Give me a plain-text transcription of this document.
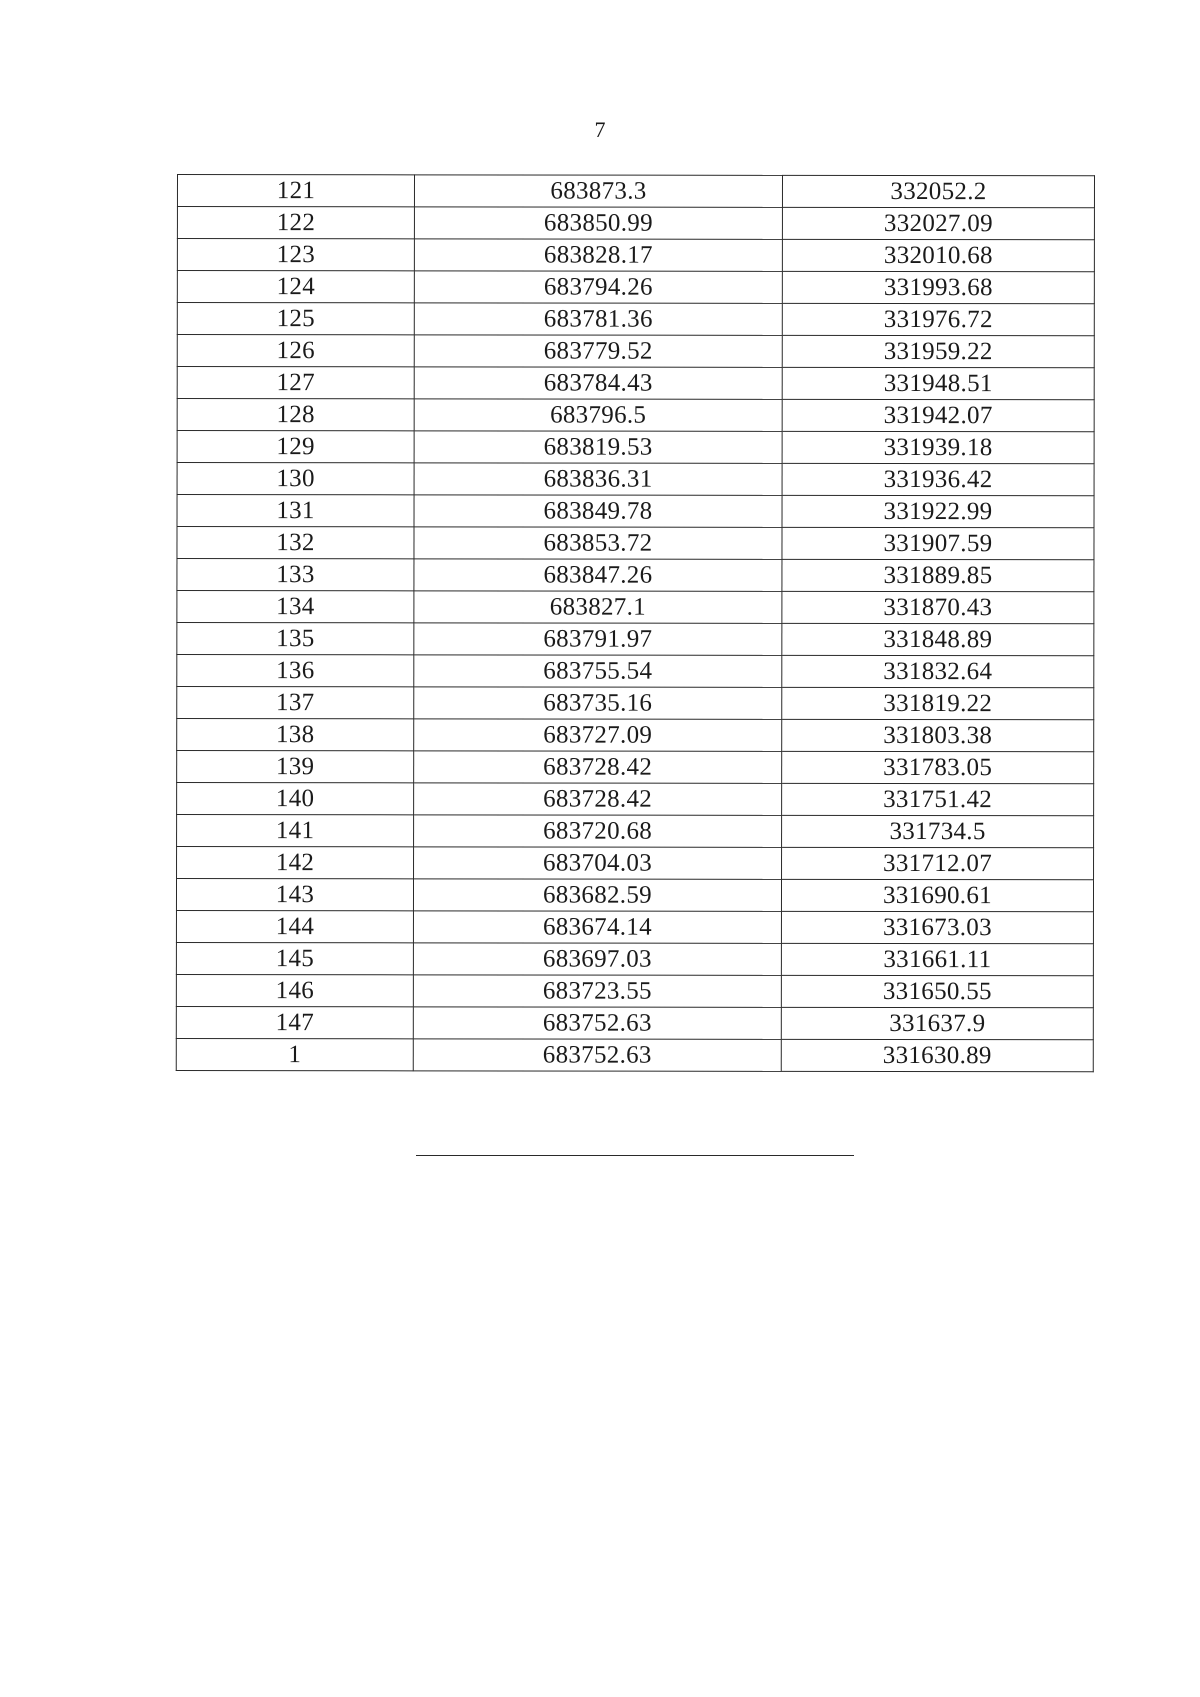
7
121	683873.3	332052.2
122	683850.99	332027.09
123	683828.17	332010.68
124	683794.26	331993.68
125	683781.36	331976.72
126	683779.52	331959.22
127	683784.43	331948.51
128	683796.5	331942.07
129	683819.53	331939.18
130	683836.31	331936.42
131	683849.78	331922.99
132	683853.72	331907.59
133	683847.26	331889.85
134	683827.1	331870.43
135	683791.97	331848.89
136	683755.54	331832.64
137	683735.16	331819.22
138	683727.09	331803.38
139	683728.42	331783.05
140	683728.42	331751.42
141	683720.68	331734.5
142	683704.03	331712.07
143	683682.59	331690.61
144	683674.14	331673.03
145	683697.03	331661.11
146	683723.55	331650.55
147	683752.63	331637.9
1	683752.63	331630.89
